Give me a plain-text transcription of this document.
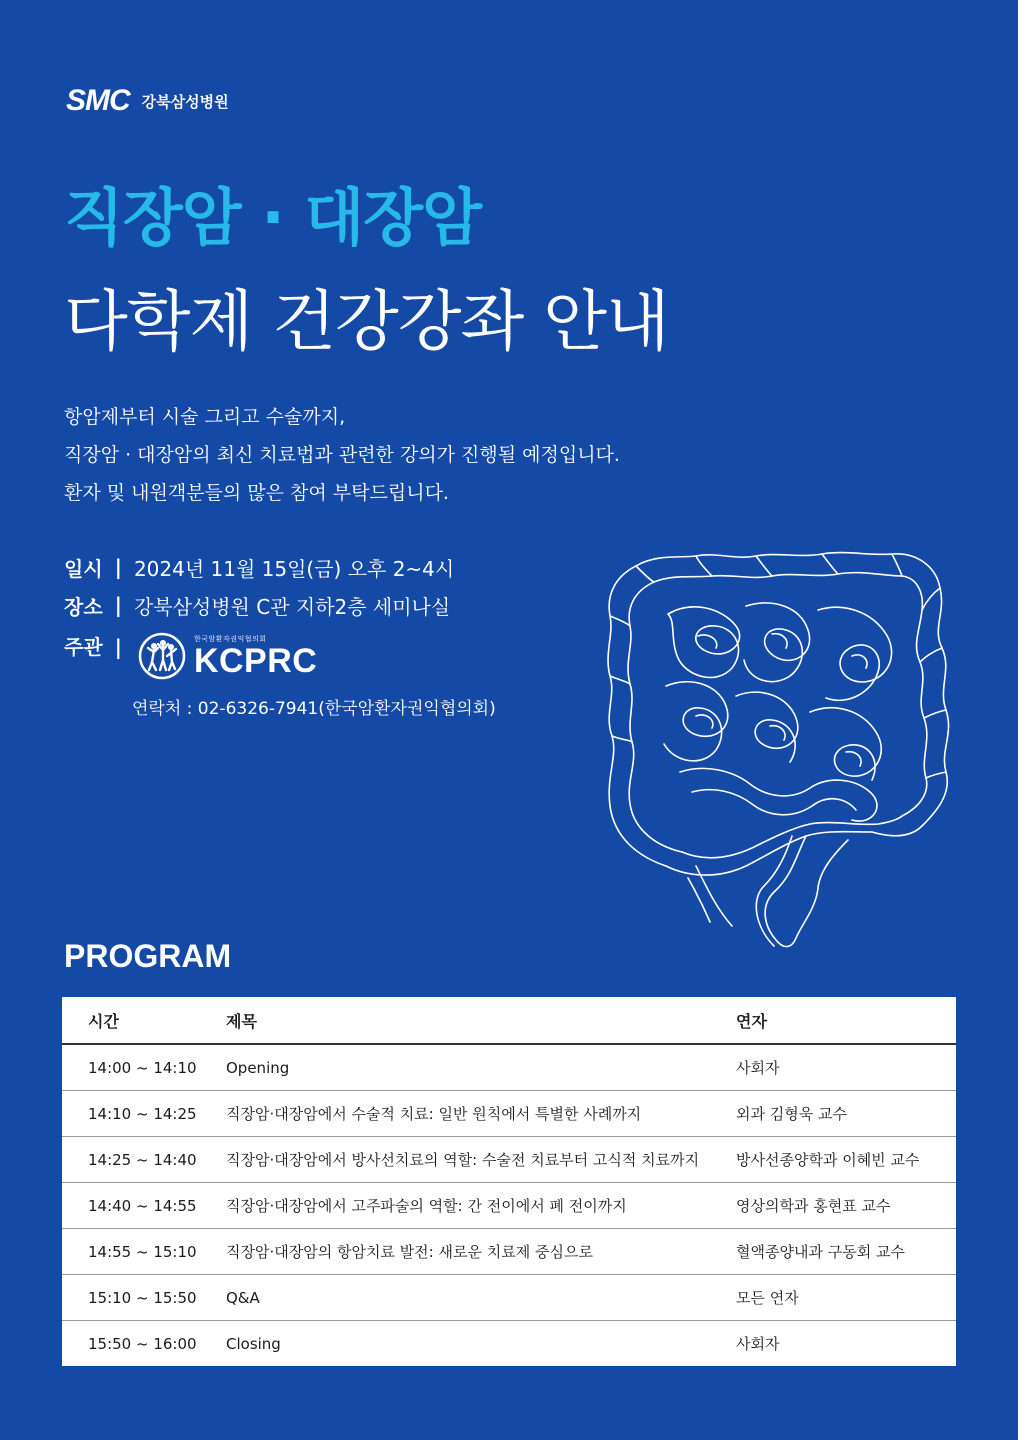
SMC 강북삼성병원
직장암 · 대장암
다학제 건강강좌 안내
항암제부터 시술 그리고 수술까지,
직장암 · 대장암의 최신 치료법과 관련한 강의가 진행될 예정입니다.
환자 및 내원객분들의 많은 참여 부탁드립니다.
일시 | 2024년 11월 15일(금) 오후 2~4시
장소 | 강북삼성병원 C관 지하2층 세미나실
주관 |	한국암환자권익협의회
KCPRC
연락처 : 02-6326-7941(한국암환자권익협의회)
PROGRAM
시간	제목	연자
14:00 ~ 14:10	Opening	사회자
14:10 ~ 14:25	직장암·대장암에서 수술적 치료: 일반 원칙에서 특별한 사례까지	외과 김형욱 교수
14:25 ~ 14:40	직장암·대장암에서 방사선치료의 역할: 수술전 치료부터 고식적 치료까지	방사선종양학과 이혜빈 교수
14:40 ~ 14:55	직장암·대장암에서 고주파술의 역할: 간 전이에서 폐 전이까지	영상의학과 홍현표 교수
14:55 ~ 15:10	직장암·대장암의 항암치료 발전: 새로운 치료제 중심으로	혈액종양내과 구동회 교수
15:10 ~ 15:50	Q&A	모든 연자
15:50 ~ 16:00	Closing	사회자
